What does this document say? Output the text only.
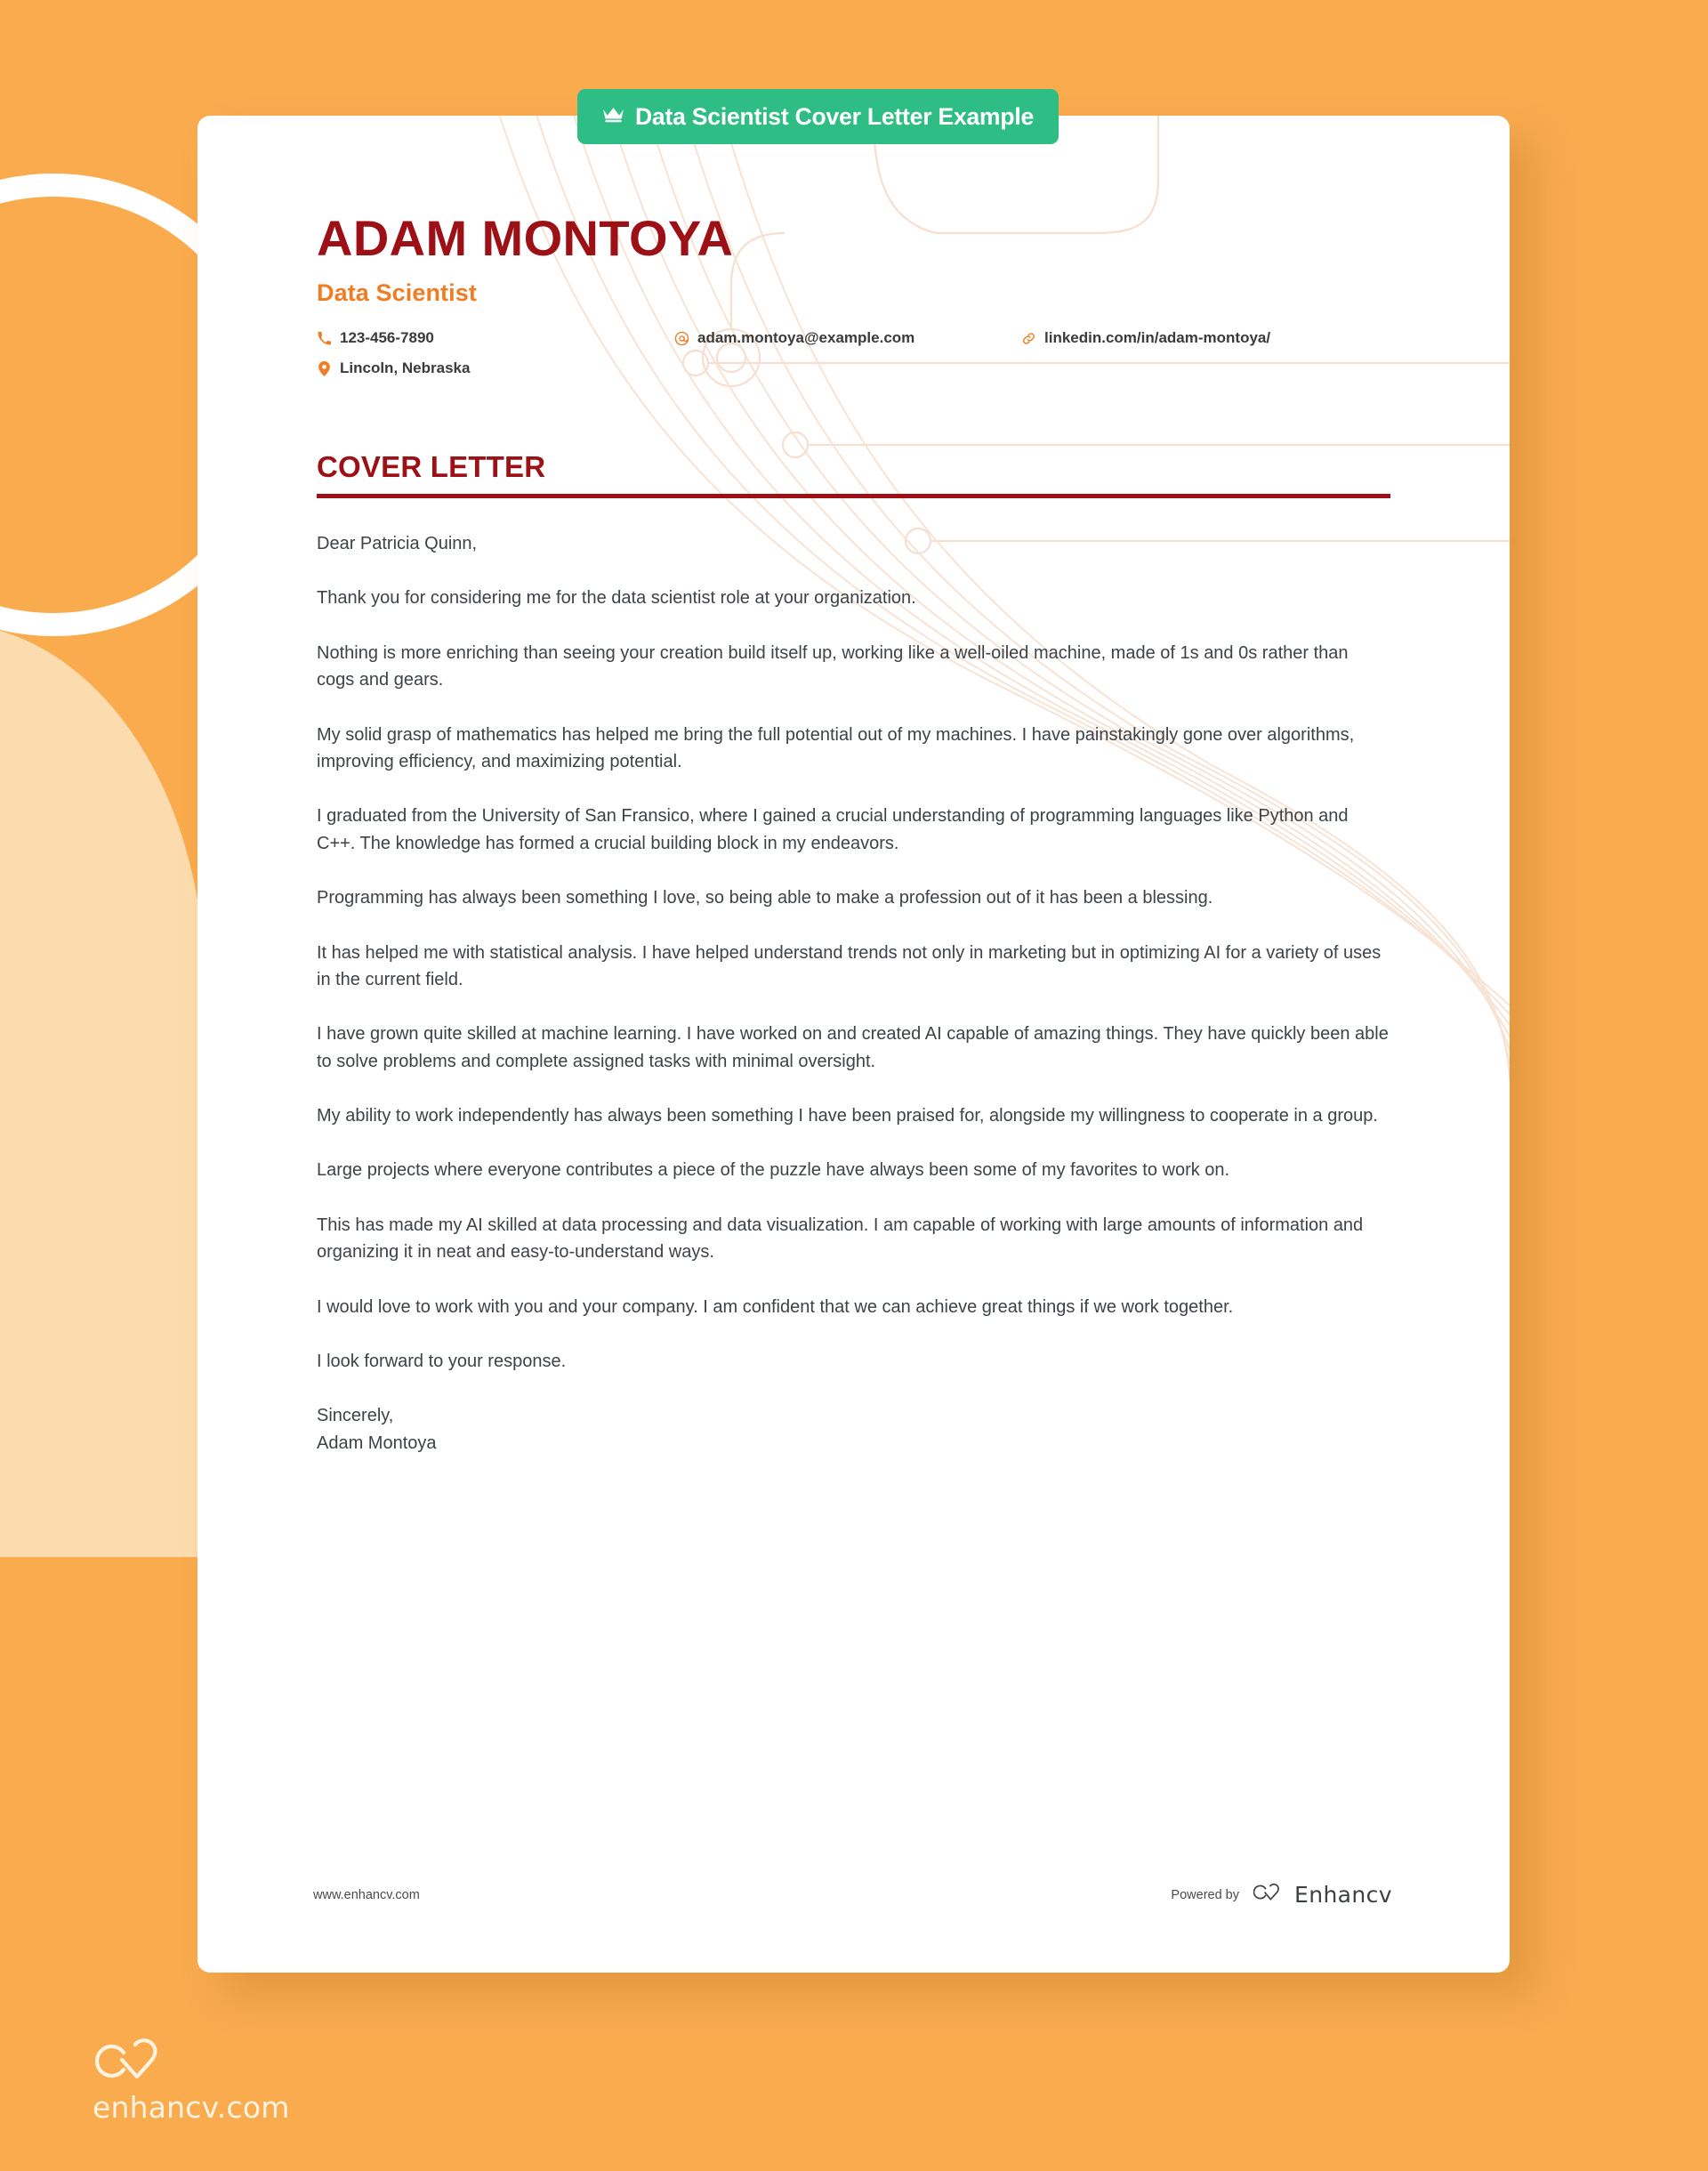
ADAM MONTOYA
Data Scientist
123-456-7890	adam.montoya@example.com	linkedin.com/in/adam-montoya/
Lincoln, Nebraska
COVER LETTER

Dear Patricia Quinn,

Thank you for considering me for the data scientist role at your organization.

Nothing is more enriching than seeing your creation build itself up, working like a well-oiled machine, made of 1s and 0s rather than cogs and gears.

My solid grasp of mathematics has helped me bring the full potential out of my machines. I have painstakingly gone over algorithms, improving efficiency, and maximizing potential.

I graduated from the University of San Fransico, where I gained a crucial understanding of programming languages like Python and C++. The knowledge has formed a crucial building block in my endeavors.

Programming has always been something I love, so being able to make a profession out of it has been a blessing.

It has helped me with statistical analysis. I have helped understand trends not only in marketing but in optimizing AI for a variety of uses in the current field.

I have grown quite skilled at machine learning. I have worked on and created AI capable of amazing things. They have quickly been able to solve problems and complete assigned tasks with minimal oversight.

My ability to work independently has always been something I have been praised for, alongside my willingness to cooperate in a group.

Large projects where everyone contributes a piece of the puzzle have always been some of my favorites to work on.

This has made my AI skilled at data processing and data visualization. I am capable of working with large amounts of information and organizing it in neat and easy-to-understand ways.

I would love to work with you and your company. I am confident that we can achieve great things if we work together.

I look forward to your response.

Sincerely,
Adam Montoya

www.enhancv.com	Powered by Enhancv
Data Scientist Cover Letter Example
enhancv.com
